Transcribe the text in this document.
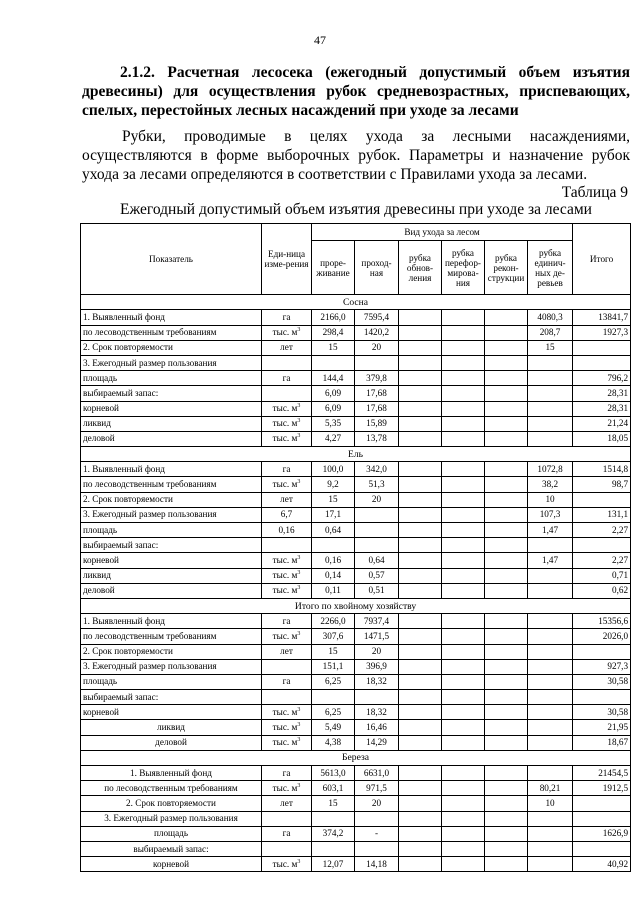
47

2.1.2. Расчетная лесосека (ежегодный допустимый объем изъятия древесины) для осуществления рубок средневозрастных, приспевающих, спелых, перестойных лесных насаждений при уходе за лесами

Рубки, проводимые в целях ухода за лесными насаждениями, осуществляются в форме выборочных рубок. Параметры и назначение рубок ухода за лесами определяются в соответствии с Правилами ухода за лесами.

Таблица 9
Ежегодный допустимый объем изъятия древесины при уходе за лесами
Показатель	Еди-ница изме-рения	Вид ухода за лесом						Итого
		проре-живание	проход-ная	рубка обнов-ления	рубка перефор-мирова-ния	рубка рекон-струкции	рубка единич-ных де-ревьев	
Сосна								
1. Выявленный фонд	га	2166,0	7595,4				4080,3	13841,7
по лесоводственным требованиям	тыс. $м^3$	298,4	1420,2				208,7	1927,3
2. Срок повторяемости	лет	15	20				15	
3. Ежегодный размер пользования								
площадь	га	144,4	379,8					796,2
выбираемый запас:		6,09	17,68					28,31
корневой	тыс. $м^3$	6,09	17,68					28,31
ликвид	тыс. $м^3$	5,35	15,89					21,24
деловой	тыс. $м^3$	4,27	13,78					18,05
Ель								
1. Выявленный фонд	га	100,0	342,0				1072,8	1514,8
по лесоводственным требованиям	тыс. $м^3$	9,2	51,3				38,2	98,7
2. Срок повторяемости	лет	15	20				10	
3. Ежегодный размер пользования	6,7	17,1					107,3	131,1
площадь	0,16	0,64					1,47	2,27
выбираемый запас:								
корневой	тыс. $м^3$	0,16	0,64				1,47	2,27
ликвид	тыс. $м^3$	0,14	0,57					0,71
деловой	тыс. $м^3$	0,11	0,51					0,62
Итого по хвойному хозяйству								
1. Выявленный фонд	га	2266,0	7937,4					15356,6
по лесоводственным требованиям	тыс. $м^3$	307,6	1471,5					2026,0
2. Срок повторяемости	лет	15	20					
3. Ежегодный размер пользования		151,1	396,9					927,3
площадь	га	6,25	18,32					30,58
выбираемый запас:								
корневой	тыс. $м^3$	6,25	18,32					30,58
ликвид	тыс. $м^3$	5,49	16,46					21,95
деловой	тыс. $м^3$	4,38	14,29					18,67
Береза								
1. Выявленный фонд	га	5613,0	6631,0					21454,5
по лесоводственным требованиям	тыс. $м^3$	603,1	971,5				80,21	1912,5
2. Срок повторяемости	лет	15	20				10	
3. Ежегодный размер пользования								
площадь	га	374,2	-					1626,9
выбираемый запас:								
корневой	тыс. $м^3$	12,07	14,18					40,92
